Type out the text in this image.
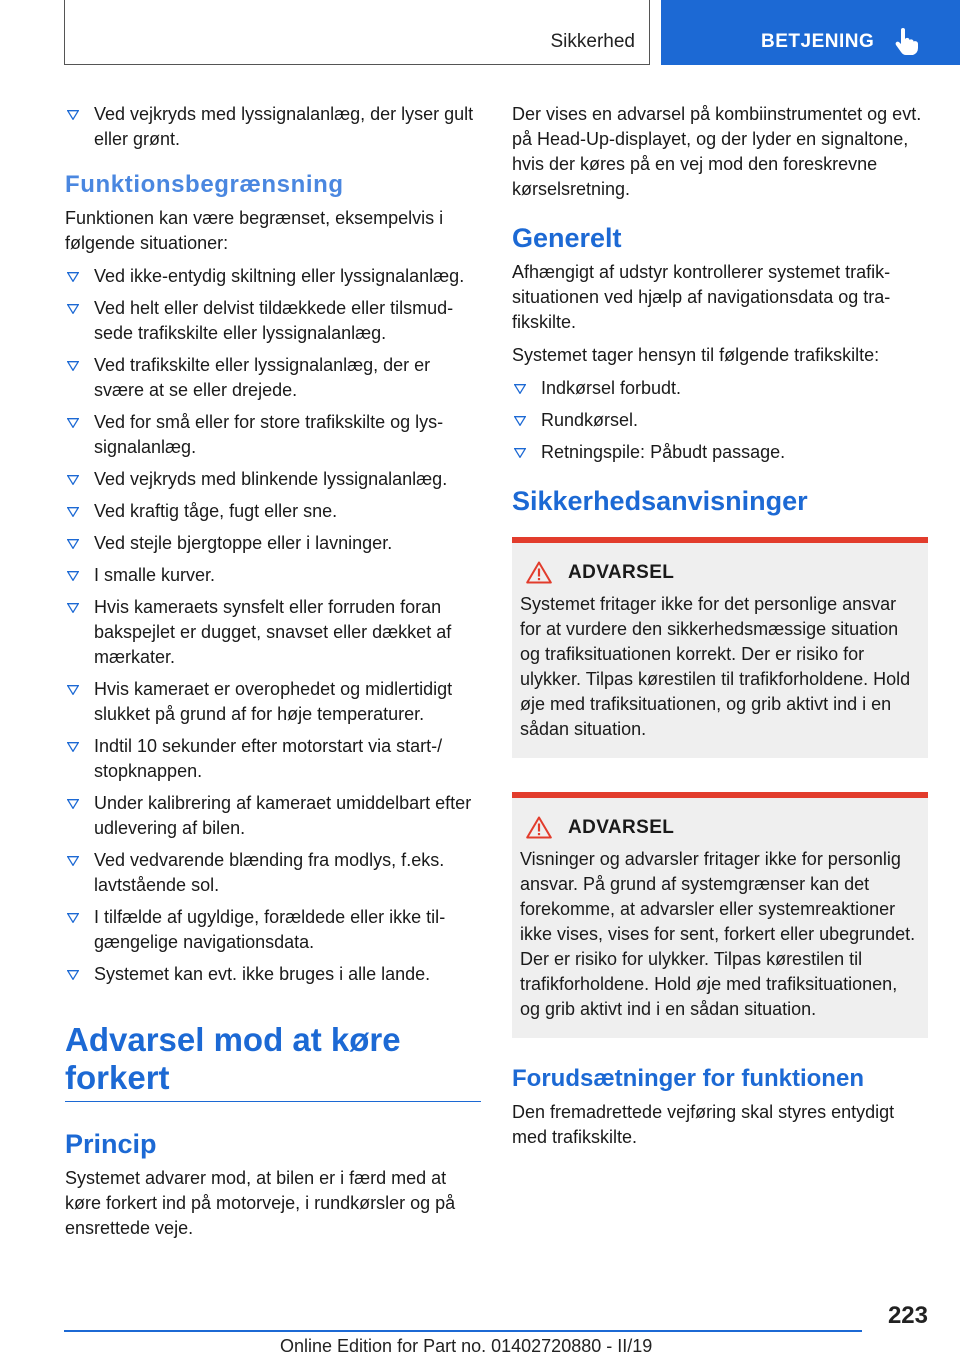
Sikkerhed	BETJENING
Ved vejkryds med lyssignalanlæg, der lyser gult eller grønt.
Funktionsbegrænsning

Funktionen kan være begrænset, eksempelvis i følgende situationer:

Ved ikke-entydig skiltning eller lyssignalanlæg.
Ved helt eller delvist tildækkede eller tilsmudsede trafikskilte eller lyssignalanlæg.
Ved trafikskilte eller lyssignalanlæg, der er svære at se eller drejede.
Ved for små eller for store trafikskilte og lyssignalanlæg.
Ved vejkryds med blinkende lyssignalanlæg.
Ved kraftig tåge, fugt eller sne.
Ved stejle bjergtoppe eller i lavninger.
I smalle kurver.
Hvis kameraets synsfelt eller forruden foran bakspejlet er dugget, snavset eller dækket af mærkater.
Hvis kameraet er overophedet og midlertidigt slukket på grund af for høje temperaturer.
Indtil 10 sekunder efter motorstart via start-/ stopknappen.
Under kalibrering af kameraet umiddelbart efter udlevering af bilen.
Ved vedvarende blænding fra modlys, f.eks. lavtstående sol.
I tilfælde af ugyldige, forældede eller ikke tilgængelige navigationsdata.
Systemet kan evt. ikke bruges i alle lande.
Advarsel mod at køre forkert
Princip

Systemet advarer mod, at bilen er i færd med at køre forkert ind på motorveje, i rundkørsler og på ensrettede veje.

Der vises en advarsel på kombiinstrumentet og evt. på Head-Up-displayet, og der lyder en signaltone, hvis der køres på en vej mod den foreskrevne kørselsretning.

Generelt

Afhængigt af udstyr kontrollerer systemet trafiksituationen ved hjælp af navigationsdata og trafikskilte.

Systemet tager hensyn til følgende trafikskilte:

Indkørsel forbudt.
Rundkørsel.
Retningspile: Påbudt passage.
Sikkerhedsanvisninger
ADVARSEL

Systemet fritager ikke for det personlige ansvar for at vurdere den sikkerhedsmæssige situation og trafiksituationen korrekt. Der er risiko for ulykker. Tilpas kørestilen til trafikforholdene. Hold øje med trafiksituationen, og grib aktivt ind i en sådan situation.

ADVARSEL

Visninger og advarsler fritager ikke for personlig ansvar. På grund af systemgrænser kan det forekomme, at advarsler eller systemreaktioner ikke vises, vises for sent, forkert eller ubegrundet. Der er risiko for ulykker. Tilpas kørestilen til trafikforholdene. Hold øje med trafiksituationen, og grib aktivt ind i en sådan situation.

Forudsætninger for funktionen

Den fremadrettede vejføring skal styres entydigt med trafikskilte.

223
Online Edition for Part no. 01402720880 - II/19
